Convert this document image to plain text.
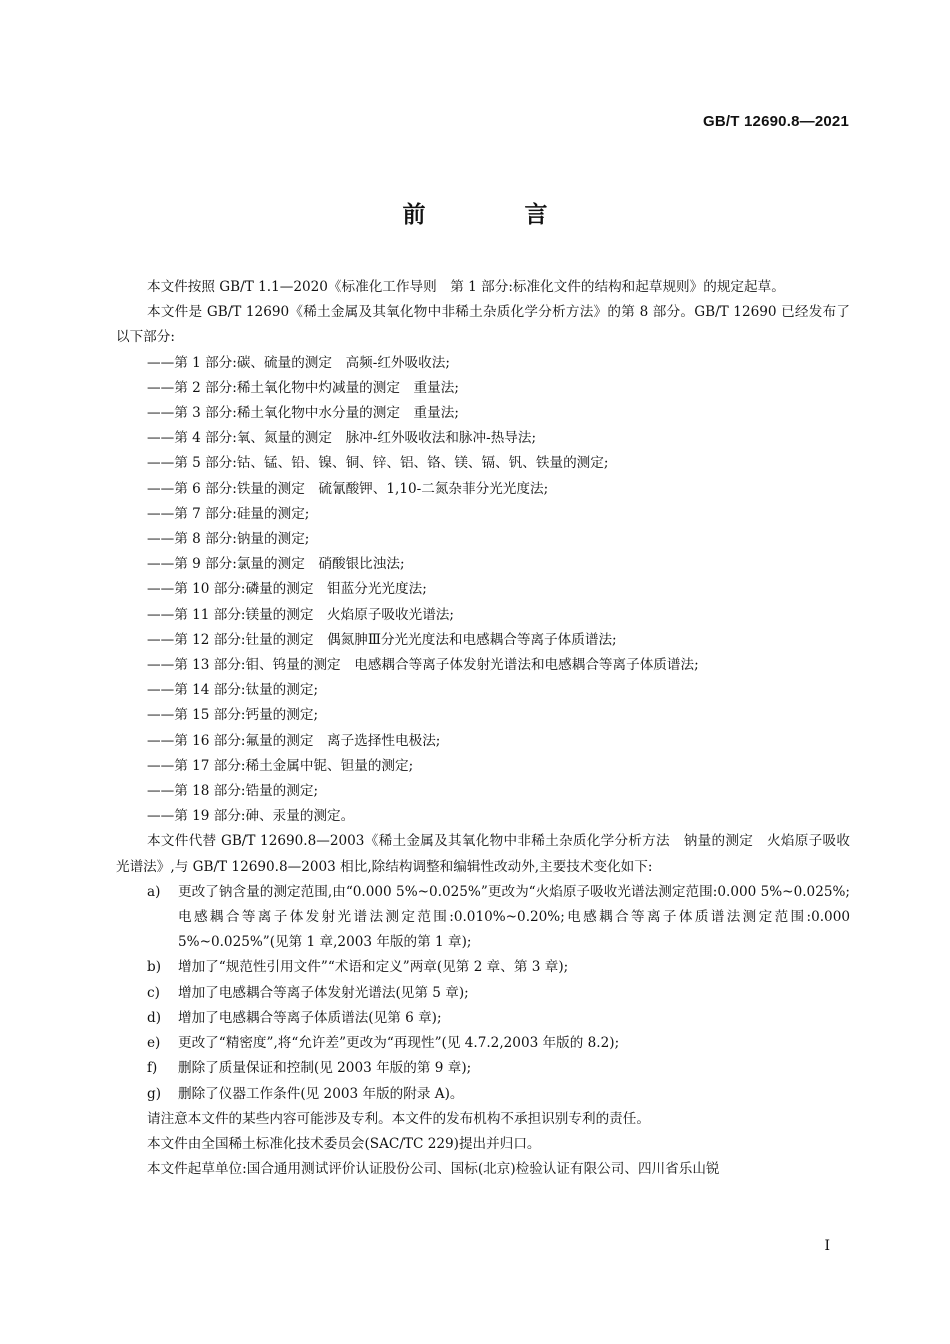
GB/T 12690.8—2021
前　言

本文件按照 GB/T 1.1—2020《标准化工作导则　第 1 部分:标准化文件的结构和起草规则》的规定起草。

本文件是 GB/T 12690《稀土金属及其氧化物中非稀土杂质化学分析方法》的第 8 部分。GB/T 12690 已经发布了以下部分:

——第 1 部分:碳、硫量的测定　高频-红外吸收法;

——第 2 部分:稀土氧化物中灼减量的测定　重量法;

——第 3 部分:稀土氧化物中水分量的测定　重量法;

——第 4 部分:氧、氮量的测定　脉冲-红外吸收法和脉冲-热导法;

——第 5 部分:钴、锰、铅、镍、铜、锌、铝、铬、镁、镉、钒、铁量的测定;

——第 6 部分:铁量的测定　硫氰酸钾、1,10-二氮杂菲分光光度法;

——第 7 部分:硅量的测定;

——第 8 部分:钠量的测定;

——第 9 部分:氯量的测定　硝酸银比浊法;

——第 10 部分:磷量的测定　钼蓝分光光度法;

——第 11 部分:镁量的测定　火焰原子吸收光谱法;

——第 12 部分:钍量的测定　偶氮胂Ⅲ分光光度法和电感耦合等离子体质谱法;

——第 13 部分:钼、钨量的测定　电感耦合等离子体发射光谱法和电感耦合等离子体质谱法;

——第 14 部分:钛量的测定;

——第 15 部分:钙量的测定;

——第 16 部分:氟量的测定　离子选择性电极法;

——第 17 部分:稀土金属中铌、钽量的测定;

——第 18 部分:锆量的测定;

——第 19 部分:砷、汞量的测定。

本文件代替 GB/T 12690.8—2003《稀土金属及其氧化物中非稀土杂质化学分析方法　钠量的测定　火焰原子吸收光谱法》,与 GB/T 12690.8—2003 相比,除结构调整和编辑性改动外,主要技术变化如下:

a) 更改了钠含量的测定范围,由“0.000 5%~0.025%”更改为“火焰原子吸收光谱法测定范围:0.000 5%~0.025%;电感耦合等离子体发射光谱法测定范围:0.010%~0.20%;电感耦合等离子体质谱法测定范围:0.000 5%~0.025%”(见第 1 章,2003 年版的第 1 章);
b) 增加了“规范性引用文件”“术语和定义”两章(见第 2 章、第 3 章);
c) 增加了电感耦合等离子体发射光谱法(见第 5 章);
d) 增加了电感耦合等离子体质谱法(见第 6 章);
e) 更改了“精密度”,将“允许差”更改为“再现性”(见 4.7.2,2003 年版的 8.2);
f) 删除了质量保证和控制(见 2003 年版的第 9 章);
g) 删除了仪器工作条件(见 2003 年版的附录 A)。

请注意本文件的某些内容可能涉及专利。本文件的发布机构不承担识别专利的责任。

本文件由全国稀土标准化技术委员会(SAC/TC 229)提出并归口。

本文件起草单位:国合通用测试评价认证股份公司、国标(北京)检验认证有限公司、四川省乐山锐

Ⅰ
